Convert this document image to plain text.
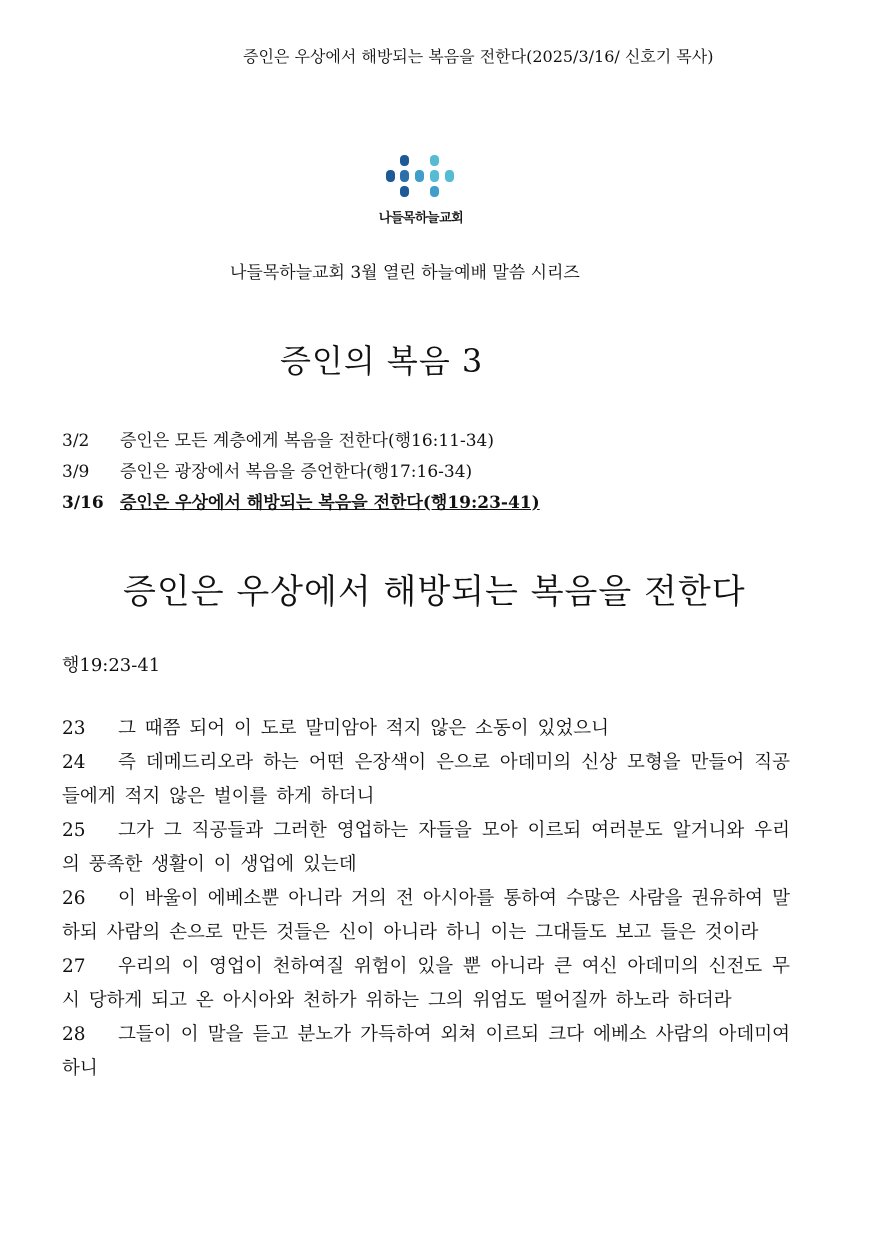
증인은 우상에서 해방되는 복음을 전한다(2025/3/16/ 신호기 목사)
나들목하늘교회
나들목하늘교회 3월 열린 하늘예배 말씀 시리즈
증인의 복음 3
3/2 증인은 모든 계층에게 복음을 전한다(행16:11-34)
3/9 증인은 광장에서 복음을 증언한다(행17:16-34)
3/16 증인은 우상에서 해방되는 복음을 전한다(행19:23-41)
증인은 우상에서 해방되는 복음을 전한다
행19:23-41
23 그 때쯤 되어 이 도로 말미암아 적지 않은 소동이 있었으니
24 즉 데메드리오라 하는 어떤 은장색이 은으로 아데미의 신상 모형을 만들어 직공들에게 적지 않은 벌이를 하게 하더니
25 그가 그 직공들과 그러한 영업하는 자들을 모아 이르되 여러분도 알거니와 우리의 풍족한 생활이 이 생업에 있는데
26 이 바울이 에베소뿐 아니라 거의 전 아시아를 통하여 수많은 사람을 권유하여 말하되 사람의 손으로 만든 것들은 신이 아니라 하니 이는 그대들도 보고 들은 것이라
27 우리의 이 영업이 천하여질 위험이 있을 뿐 아니라 큰 여신 아데미의 신전도 무시 당하게 되고 온 아시아와 천하가 위하는 그의 위엄도 떨어질까 하노라 하더라
28 그들이 이 말을 듣고 분노가 가득하여 외쳐 이르되 크다 에베소 사람의 아데미여 하니
